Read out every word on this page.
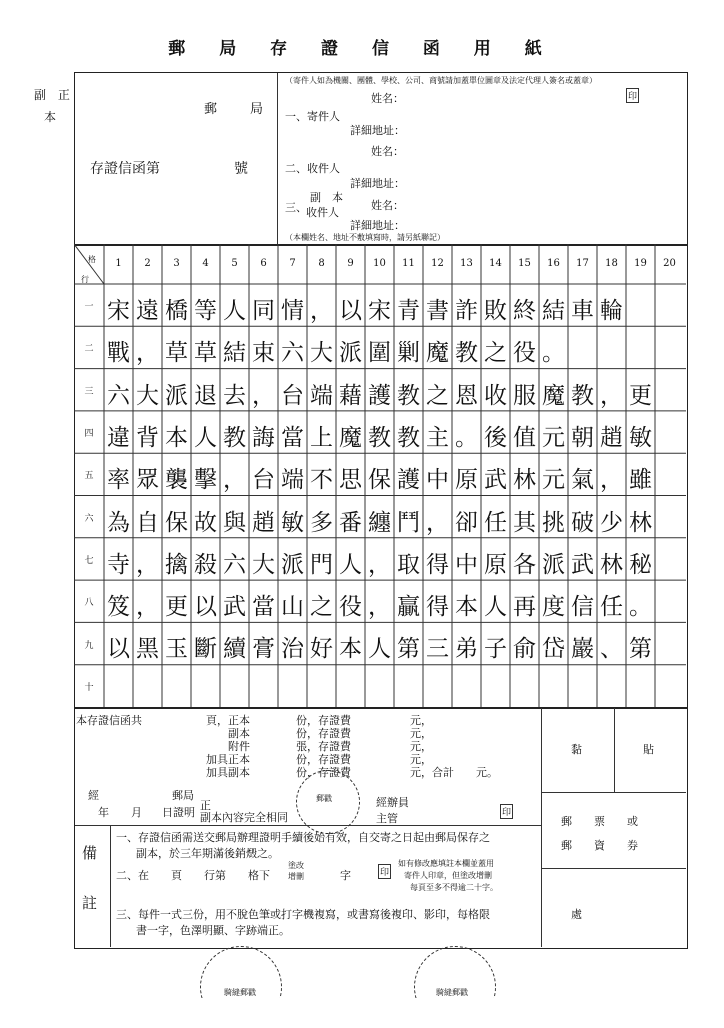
郵 局 存 證 信 函 用 紙
副 正
本	郵　局
存證信函第	號
（寄件人如為機關、團體、學校、公司、商號請加蓋單位圖章及法定代理人簽名或蓋章）
姓名：	印
一、寄件人
詳細地址：
姓名：
二、收件人
詳細地址：
副　本
三、 收件人
姓名：
詳細地址：
（本欄姓名、地址不敷填寫時，請另紙聯記）
格
行
1	2	3	4	5	6	7	8	9	10	11	12	13	14	15	16	17	18	19	20
一 宋 遠 橋 等 人 同 情 ， 以 宋 青 書 詐 敗 終 結 車 輪
二 戰 ， 草 草 結 束 六 大 派 圍 剿 魔 教 之 役 。
三 六 大 派 退 去 ， 台 端 藉 護 教 之 恩 收 服 魔 教 ， 更
四 違 背 本 人 教 誨 當 上 魔 教 教 主 。 後 值 元 朝 趙 敏
五 率 眾 襲 擊 ， 台 端 不 思 保 護 中 原 武 林 元 氣 ， 雖
六 為 自 保 故 與 趙 敏 多 番 纏 鬥 ， 卻 任 其 挑 破 少 林
七 寺 ， 擒 殺 六 大 派 門 人 ， 取 得 中 原 各 派 武 林 秘
八 笈 ， 更 以 武 當 山 之 役 ， 贏 得 本 人 再 度 信 任 。
九 以 黑 玉 斷 續 膏 治 好 本 人 第 三 弟 子 俞 岱 巖 、 第
十
本存證信函共	頁，正本	份，存證費	元，
副本	份，存證費	元，
附件	張，存證費	元，
加具正本	份，存證費	元，
加具副本	份，存證費	元，合計　　元。
黏	貼
經	郵局
年　　月 日證明
正
副本內容完全相同
郵戳	經辦員
主管	印
郵　　票　　或
郵　　資　　券
處
備
註
一、存證信函需送交郵局辦理證明手續後始有效，自交寄之日起由郵局保存之
副本，於三年期滿後銷燬之。
二、在　　頁　　行第　　格下
塗改
增刪	字	印
如有修改應填註本欄並蓋用
寄件人印章，但塗改增刪
每頁至多不得逾二十字。
三、每件一式三份，用不脫色筆或打字機複寫，或書寫後複印、影印，每格限
書一字，色澤明顯、字跡端正。
騎縫郵戳	騎縫郵戳
